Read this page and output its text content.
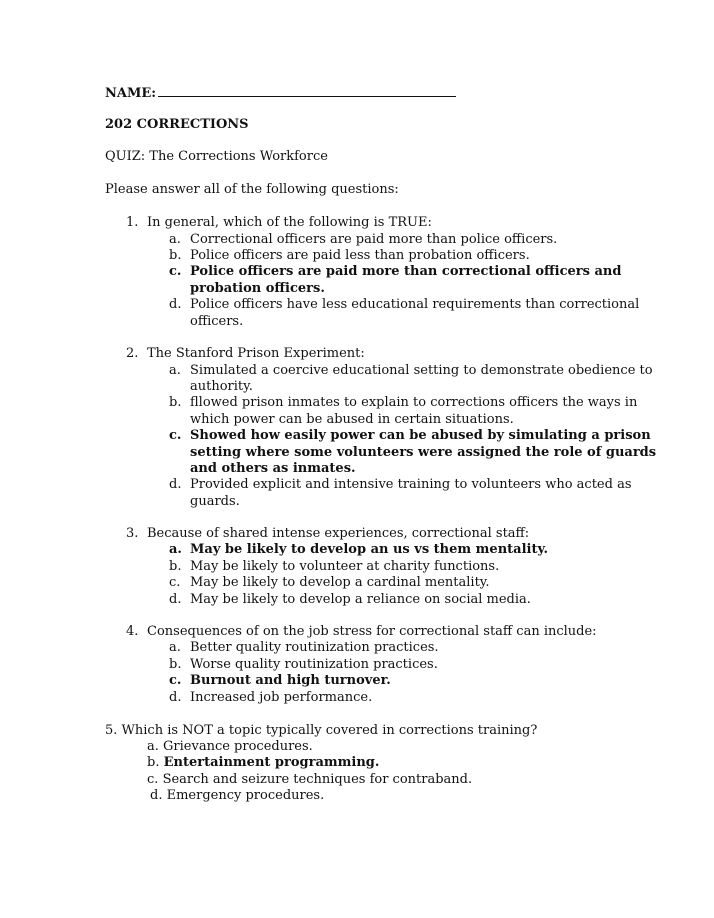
NAME:
202 CORRECTIONS
QUIZ: The Corrections Workforce
Please answer all of the following questions:
1. In general, which of the following is TRUE:
a. Correctional officers are paid more than police officers.
b. Police officers are paid less than probation officers.
c. Police officers are paid more than correctional officers and
probation officers.
d. Police officers have less educational requirements than correctional
officers.
2. The Stanford Prison Experiment:
a. Simulated a coercive educational setting to demonstrate obedience to
authority.
b. fllowed prison inmates to explain to corrections officers the ways in
which power can be abused in certain situations.
c. Showed how easily power can be abused by simulating a prison
setting where some volunteers were assigned the role of guards
and others as inmates.
d. Provided explicit and intensive training to volunteers who acted as
guards.
3. Because of shared intense experiences, correctional staff:
a. May be likely to develop an us vs them mentality.
b. May be likely to volunteer at charity functions.
c. May be likely to develop a cardinal mentality.
d. May be likely to develop a reliance on social media.
4. Consequences of on the job stress for correctional staff can include:
a. Better quality routinization practices.
b. Worse quality routinization practices.
c. Burnout and high turnover.
d. Increased job performance.
5. Which is NOT a topic typically covered in corrections training?
a. Grievance procedures.
b. Entertainment programming.
c. Search and seizure techniques for contraband.
d. Emergency procedures.
